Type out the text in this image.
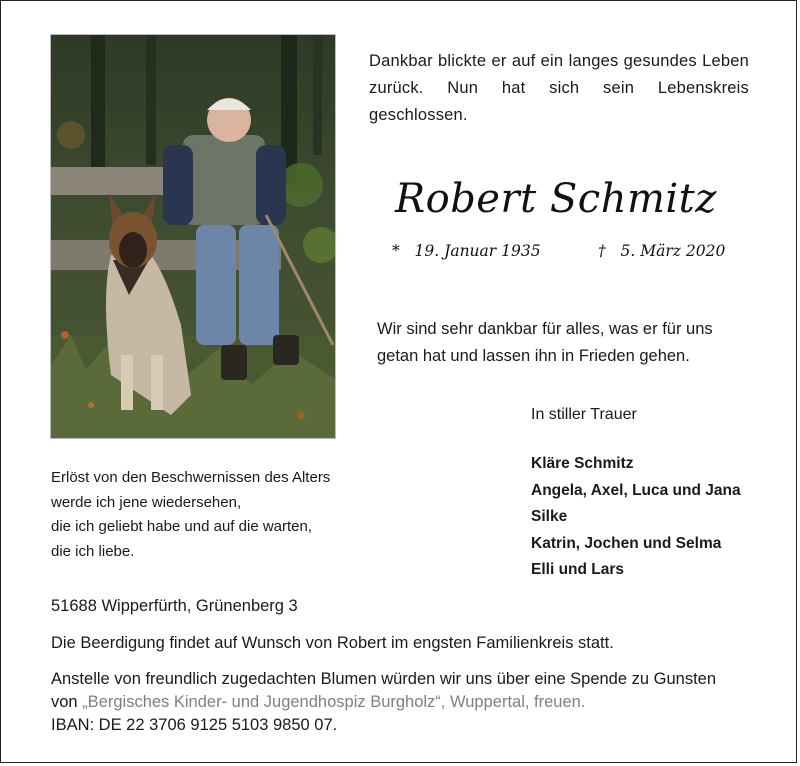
Dankbar blickte er auf ein langes gesundes Leben zurück. Nun hat sich sein Lebenskreis geschlossen.
Robert Schmitz
* 19. Januar 1935	† 5. März 2020
Wir sind sehr dankbar für alles, was er für uns getan hat und lassen ihn in Frieden gehen.
In stiller Trauer
Kläre Schmitz
Angela, Axel, Luca und Jana
Silke
Katrin, Jochen und Selma
Elli und Lars
Erlöst von den Beschwernissen des Alters
werde ich jene wiedersehen,
die ich geliebt habe und auf die warten,
die ich liebe.
51688 Wipperfürth, Grünenberg 3
Die Beerdigung findet auf Wunsch von Robert im engsten Familienkreis statt.
Anstelle von freundlich zugedachten Blumen würden wir uns über eine Spende zu Gunsten
von „Bergisches Kinder- und Jugendhospiz Burgholz“, Wuppertal, freuen.
IBAN: DE 22 3706 9125 5103 9850 07.
